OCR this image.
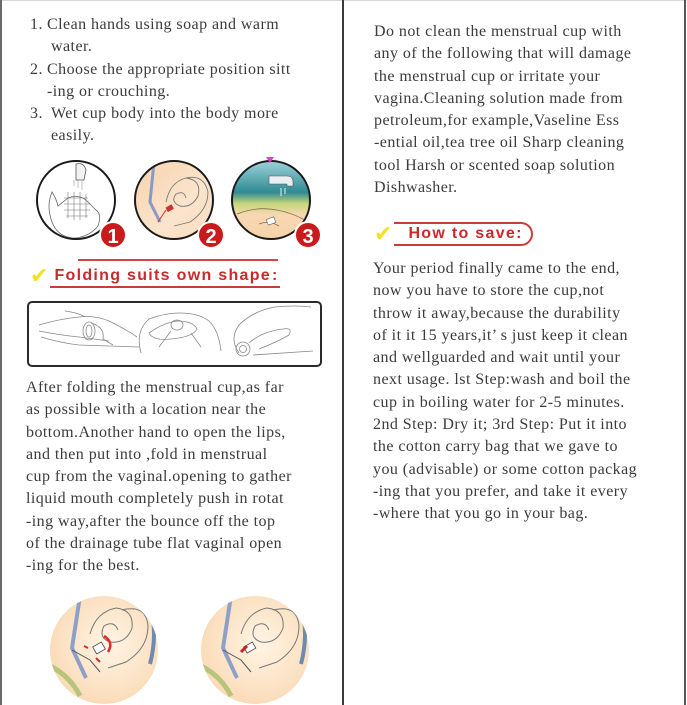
1. Clean hands using soap and warm
water.
2. Choose the appropriate position sitt
-ing or crouching.
3. Wet cup body into the body more
easily.
1	2	3
✔ Folding suits own shape:
After folding the menstrual cup,as far
as possible with a location near the
bottom.Another hand to open the lips,
and then put into ,fold in menstrual
cup from the vaginal.opening to gather
liquid mouth completely push in rotat
-ing way,after the bounce off the top
of the drainage tube flat vaginal open
-ing for the best.
Do not clean the menstrual cup with
any of the following that will damage
the menstrual cup or irritate your
vagina.Cleaning solution made from
petroleum,for example,Vaseline Ess
-ential oil,tea tree oil Sharp cleaning
tool Harsh or scented soap solution
Dishwasher.
✔	How to save:
Your period finally came to the end,
now you have to store the cup,not
throw it away,because the durability
of it it 15 years,it’ s just keep it clean
and wellguarded and wait until your
next usage. lst Step:wash and boil the
cup in boiling water for 2-5 minutes.
2nd Step: Dry it; 3rd Step: Put it into
the cotton carry bag that we gave to
you (advisable) or some cotton packag
-ing that you prefer, and take it every
-where that you go in your bag.
